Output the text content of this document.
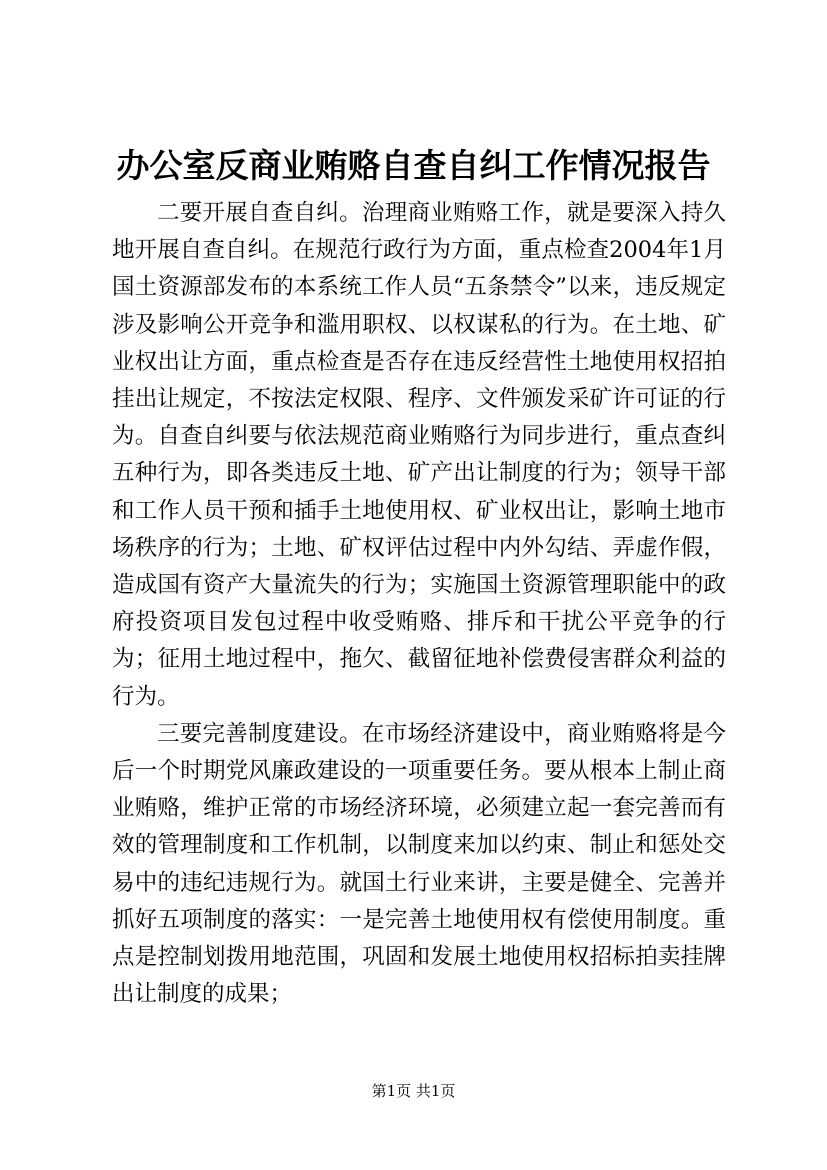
办公室反商业贿赂自查自纠工作情况报告

二要开展自查自纠。治理商业贿赂工作，就是要深入持久地开展自查自纠。在规范行政行为方面，重点检查2004年1月国土资源部发布的本系统工作人员“五条禁令”以来，违反规定涉及影响公开竞争和滥用职权、以权谋私的行为。在土地、矿业权出让方面，重点检查是否存在违反经营性土地使用权招拍挂出让规定，不按法定权限、程序、文件颁发采矿许可证的行为。自查自纠要与依法规范商业贿赂行为同步进行，重点查纠五种行为，即各类违反土地、矿产出让制度的行为；领导干部和工作人员干预和插手土地使用权、矿业权出让，影响土地市场秩序的行为；土地、矿权评估过程中内外勾结、弄虚作假，造成国有资产大量流失的行为；实施国土资源管理职能中的政府投资项目发包过程中收受贿赂、排斥和干扰公平竞争的行为；征用土地过程中，拖欠、截留征地补偿费侵害群众利益的行为。

三要完善制度建设。在市场经济建设中，商业贿赂将是今后一个时期党风廉政建设的一项重要任务。要从根本上制止商业贿赂，维护正常的市场经济环境，必须建立起一套完善而有效的管理制度和工作机制，以制度来加以约束、制止和惩处交易中的违纪违规行为。就国土行业来讲，主要是健全、完善并抓好五项制度的落实：一是完善土地使用权有偿使用制度。重点是控制划拨用地范围，巩固和发展土地使用权招标拍卖挂牌出让制度的成果；

第1页 共1页
